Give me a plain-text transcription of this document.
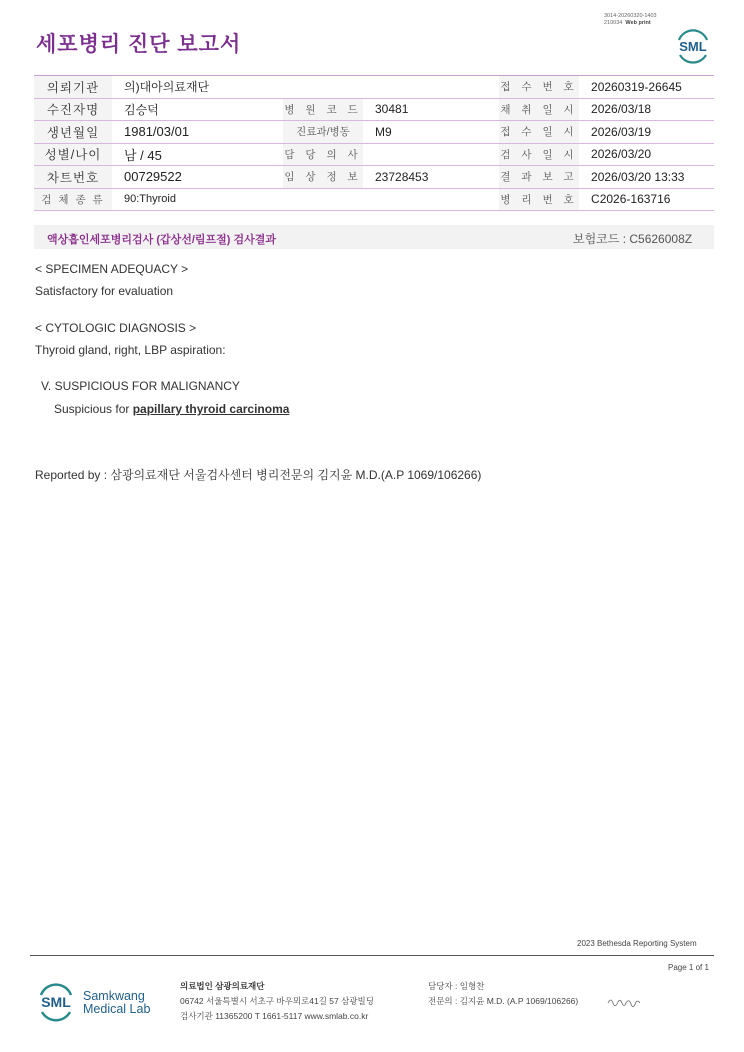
세포병리 진단 보고서
3014-20260320-1403
210034 Web print
SML
의뢰기관	의)대아의료재단			접 수 번 호	20260319-26645
수진자명	김승덕	병 원 코 드	30481	채 취 일 시	2026/03/18
생년월일	1981/03/01	진료과/병동	M9	접 수 일 시	2026/03/19
성별/나이	남 / 45	담 당 의 사		검 사 일 시	2026/03/20
차트번호	00729522	임 상 정 보	23728453	결 과 보 고	2026/03/20 13:33
검 체 종 류	90:Thyroid			병 리 번 호	C2026-163716
액상흡인세포병리검사 (갑상선/림프절) 검사결과	보험코드 : C5626008Z
< SPECIMEN ADEQUACY >
Satisfactory for evaluation
< CYTOLOGIC DIAGNOSIS >
Thyroid gland, right, LBP aspiration:
V. SUSPICIOUS FOR MALIGNANCY
Suspicious for papillary thyroid carcinoma
Reported by : 삼광의료재단 서울검사센터 병리전문의 김지윤 M.D.(A.P 1069/106266)
2023 Bethesda Reporting System
Page 1 of 1
SML Samkwang
Medical Lab
의료법인 삼광의료재단
06742 서울특별시 서초구 바우뫼로41길 57 삼광빌딩
검사기관 11365200 T 1661-5117 www.smlab.co.kr
담당자 : 임형찬
전문의 : 김지윤 M.D. (A.P 1069/106266)
